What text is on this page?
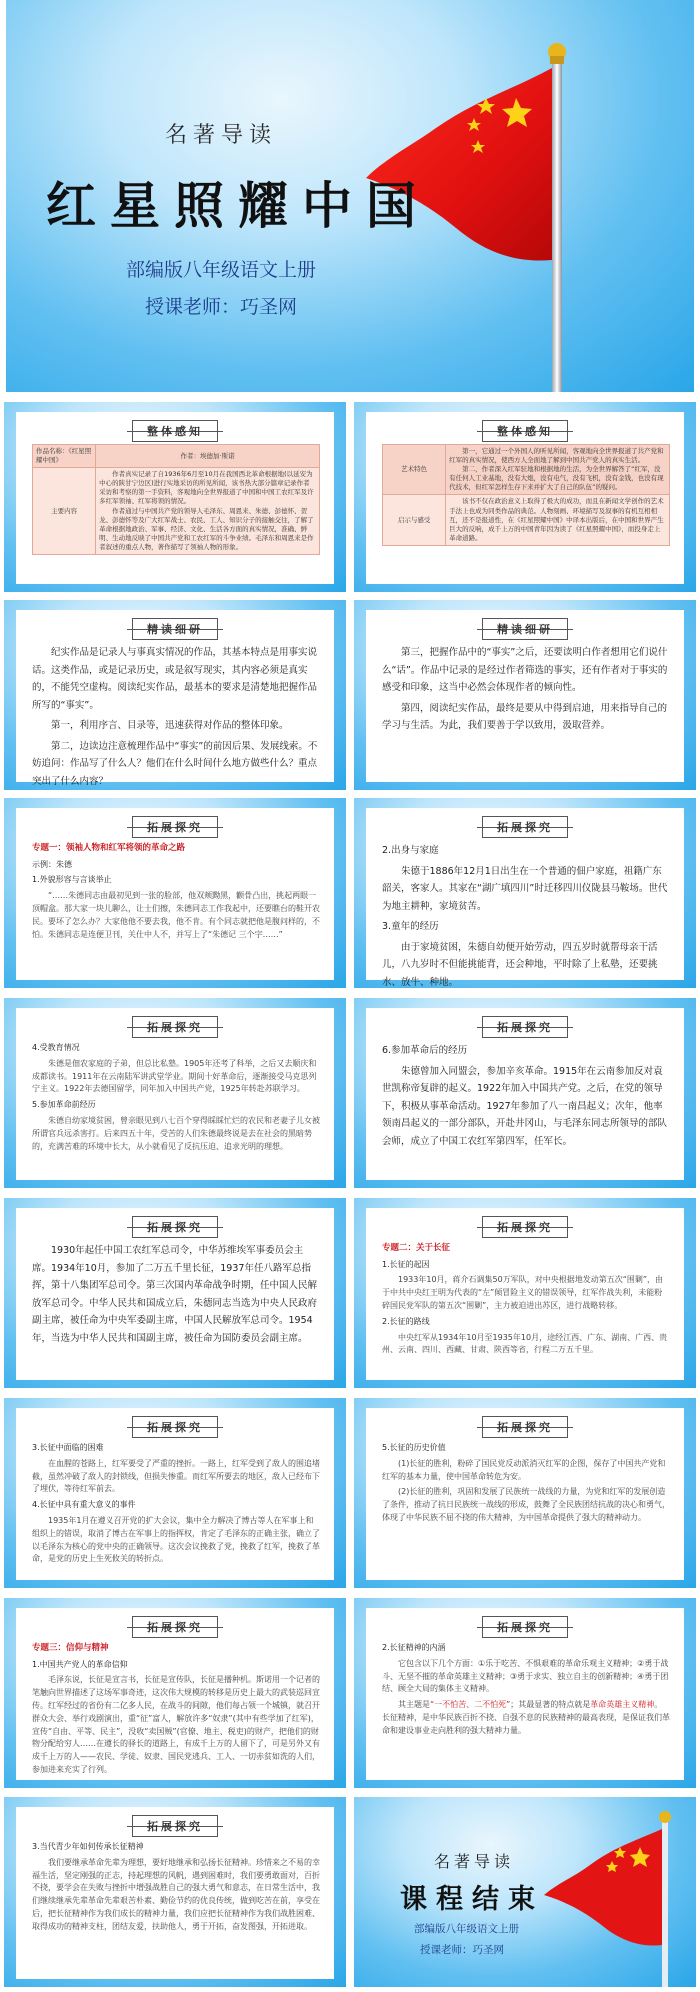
名著导读
红星照耀中国
部编版八年级语文上册
授课老师：巧圣网
整体感知
作品名称：《红星照耀中国》	作者：埃德加·斯诺
主要内容	作者真实记录了自1936年6月至10月在我国西北革命根据地(以延安为中心的陕甘宁边区)进行实地采访的所见所闻，该书热大部分篇章记录作者采访和考察的第一手资料，客观地向全世界报道了中国和中国工农红军及许多红军领袖、红军将领的情况。
作者通过与中国共产党的领导人毛泽东、周恩来、朱德、彭德怀、贺龙、彭德怀等及广大红军战士、农民、工人、知识分子的接触交往，了解了革命根据地政治、军事、经济、文化、生活各方面的真实情况，准确、鲜明、生动地反映了中国共产党和工农红军的斗争业绩。毛泽东和周恩来是作者叙述的重点人物，著作描写了领袖人物的形象。
整体感知
艺术特色	第一，它通过一个外国人的听见所闻，客观地向全世界报道了共产党和红军的真实情况，使西方人全面地了解到中国共产党人的真实生活。
第二，作者深入红军驻地和根据地的生活，为全世界解答了“红军，没有任何人工业基地，没有大炮，没有电气，没有飞机，没有金钱，也没有现代技术，但红军怎样生存下来并扩大了自己的队伍”的疑问。

启示与感受	该书不仅在政治意义上取得了极大的成功，而且在新闻文学创作的艺术手法上也成为同类作品的典范。人物刻画、环境描写及叙事的有机互相相互，还不是报道性，在《红星照耀中国》中译本出版后，在中国和世界产生巨大的反响，成千上万的中国青年因为读了《红星照耀中国》，而投身走上革命道路。
精读细研

纪实作品是记录人与事真实情况的作品，其基本特点是用事实说话。这类作品，或是记录历史，或是叙写现实，其内容必须是真实的，不能凭空虚构。阅读纪实作品，最基本的要求是清楚地把握作品所写的“事实”。

第一，利用序言、目录等，迅速获得对作品的整体印象。

第二，边读边注意梳理作品中“事实”的前因后果、发展线索。不妨追问：作品写了什么人？他们在什么时间什么地方做些什么？重点突出了什么内容？

精读细研

第三，把握作品中的“事实”之后，还要读明白作者想用它们说什么“话”。作品中记录的是经过作者筛选的事实，还有作者对于事实的感受和印象，这当中必然会体现作者的倾向性。

第四，阅读纪实作品，最终是要从中得到启迪，用来指导自己的学习与生活。为此，我们要善于学以致用，汲取营养。

拓展探究

专题一：领袖人物和红军将领的革命之路

示例：朱德

1.外貌形容与言谈举止

“……朱德同志由最初见到一张的脸部，他双颊黝黑，颧骨凸出，挑起两眼一顶帽盒。那大家一块儿聊么，让士们擦，朱德同志工作我起中，还要瞧台的鞋开农民。要坏了怎么办？大家他他不要去我，他不肯。有个同志就把他是腹问样的，不怕。朱德同志是连便卫刊，关仕中人不，并写上了“朱德记 三个字……”

拓展探究

2.出身与家庭

朱德于1886年12月1日出生在一个普通的佃户家庭，祖籍广东韶关，客家人。其家在“湖广填四川”时迁移四川仪陇县马鞍场。世代为地主耕种，家境贫苦。

3.童年的经历

由于家境贫困，朱德自幼便开始劳动，四五岁时就帮母亲干活儿，八九岁时不但能挑能背，还会种地，平时除了上私塾，还要挑水、放牛、种地。

拓展探究

4.受教育情况

朱德是佃农家庭的子弟，但总比私塾。1905年还考了科举，之后又去顺庆和成都读书。1911年在云南陆军讲武堂学业。期间十好革命后，逐渐接受马克思列宁主义。1922年去德国留学，同年加入中国共产党，1925年转赴苏联学习。

5.参加革命前经历

朱德自幼家境贫困，曾亲眼见到八七百个穿得睬睬忙烂的农民和老妻子儿女被所谓官兵远杀害打。后来四五十年，受苦的人们朱德最终说是去在社会的黑暗势的，充满苦难的环境中长大，从小就看见了反抗压迫、追求光明的理想。

拓展探究

6.参加革命后的经历

朱德曾加入同盟会，参加辛亥革命。1915年在云南参加反对袁世凯称帝复辟的起义。1922年加入中国共产党。之后，在党的领导下，积极从事革命活动。1927年参加了八一南昌起义；次年，他率领南昌起义的一部分部队，开赴井冈山，与毛泽东同志所领导的部队会师，成立了中国工农红军第四军，任军长。

拓展探究

1930年起任中国工农红军总司令，中华苏维埃军事委员会主席。1934年10月，参加了二万五千里长征，1937年任八路军总指挥，第十八集团军总司令。第三次国内革命战争时期，任中国人民解放军总司令。中华人民共和国成立后，朱德同志当选为中央人民政府副主席，被任命为中央军委副主席，中国人民解放军总司令。1954年，当选为中华人民共和国副主席，被任命为国防委员会副主席。

拓展探究

专题二：关于长征

1.长征的起因

1933年10月，蒋介石调集50万军队，对中央根据地发动第五次“围剿”，由于中共中央红王明为代表的“左”倾冒险主义的错误领导，红军作战失利，未能粉碎国民党军队的第五次“围剿”，主力被迫进出苏区，进行战略转移。

2.长征的路线

中央红军从1934年10月至1935年10月，途经江西、广东、湖南、广西、贵州、云南、四川、西藏、甘肃、陕西等省，行程二万五千里。

拓展探究

3.长征中面临的困难

在血腥的苍路上，红军要受了严重的挫折。一路上，红军受到了敌人的围追堵截，虽然冲破了敌人的封锁线，但损失惨重。而红军所要去的地区，敌人已经布下了埋伏，等待红军前去。

4.长征中具有重大意义的事件

1935年1月在遵义召开党的扩大会议，集中全力解决了博古等人在军事上和组织上的错误，取消了博古在军事上的指挥权，肯定了毛泽东的正确主张，确立了以毛泽东为核心的党中央的正确领导。这次会议挽救了党，挽救了红军，挽救了革命，是党的历史上生死攸关的转折点。

拓展探究

5.长征的历史价值

(1)长征的胜利，粉碎了国民党反动派消灭红军的企图，保存了中国共产党和红军的基本力量，使中国革命转危为安。

(2)长征的胜利，巩固和发展了民族统一战线的力量，为党和红军的发展创造了条件，推动了抗日民族统一战线的形成，鼓舞了全民族团结抗战的决心和勇气，体现了中华民族不屈不挠的伟大精神，为中国革命提供了强大的精神动力。

拓展探究

专题三：信仰与精神

1.中国共产党人的革命信仰

毛泽东说，长征是宣言书，长征是宣传队，长征是播种机。斯诺用一个记者的笔触向世界描述了这场军事奇迹，这次伟大规模的转移是历史上最大的武装巡回宣传。红军经过的省份有二亿多人民，在战斗的间隙，他们每占领一个城镇，就召开群众大会、举行戏剧演出，重“征”富人，解放许多“奴隶”(其中有些学加了红军)，宣传“自由、平等、民主”，没收“卖国贼”(官僚、地主、税吏)的财产，把他们的财物分配给穷人……在遵长的驿长的道路上，有成千上万的人留下了，可是另外又有成千上万的人——农民、学徒、奴隶、国民党逃兵、工人、一切赤贫如洗的人们，参加进来充实了行列。

拓展探究

2.长征精神的内涵

它包含以下几个方面：①乐于吃苦、不惧艰难的革命乐观主义精神；②勇于战斗、无坚不摧的革命英雄主义精神；③勇于求实、独立自主的创新精神；④勇于团结、顾全大局的集体主义精神。

其主题是“一不怕苦、二不怕死”；其最显著的特点就是革命英雄主义精神。长征精神，是中华民族百折不挠、自强不息的民族精神的最高表现，是保证我们革命和建设事业走向胜利的强大精神力量。

拓展探究

3.当代青少年如何传承长征精神

我们要继承革命先辈为理想，要好地继承和弘扬长征精神。珍惜来之不易的幸福生活，坚定刚强的正志，持起理想的风帆，遇到困难时，我们要勇敢面对，百折不挠，要学会在失败与挫折中增强战胜自己的强大勇气和意志，在日常生活中，我们继续继承先辈革命先辈艰苦朴素、勤俭节约的优良传统，做到吃苦在前，享受在后，把长征精神作为我们成长的精神力量，我们应把长征精神作为我们战胜困难、取得成功的精神支柱，团结友爱，扶助他人，勇于开拓，奋发图强，开拓进取。

名著导读
课程结束
部编版八年级语文上册
授课老师：巧圣网
